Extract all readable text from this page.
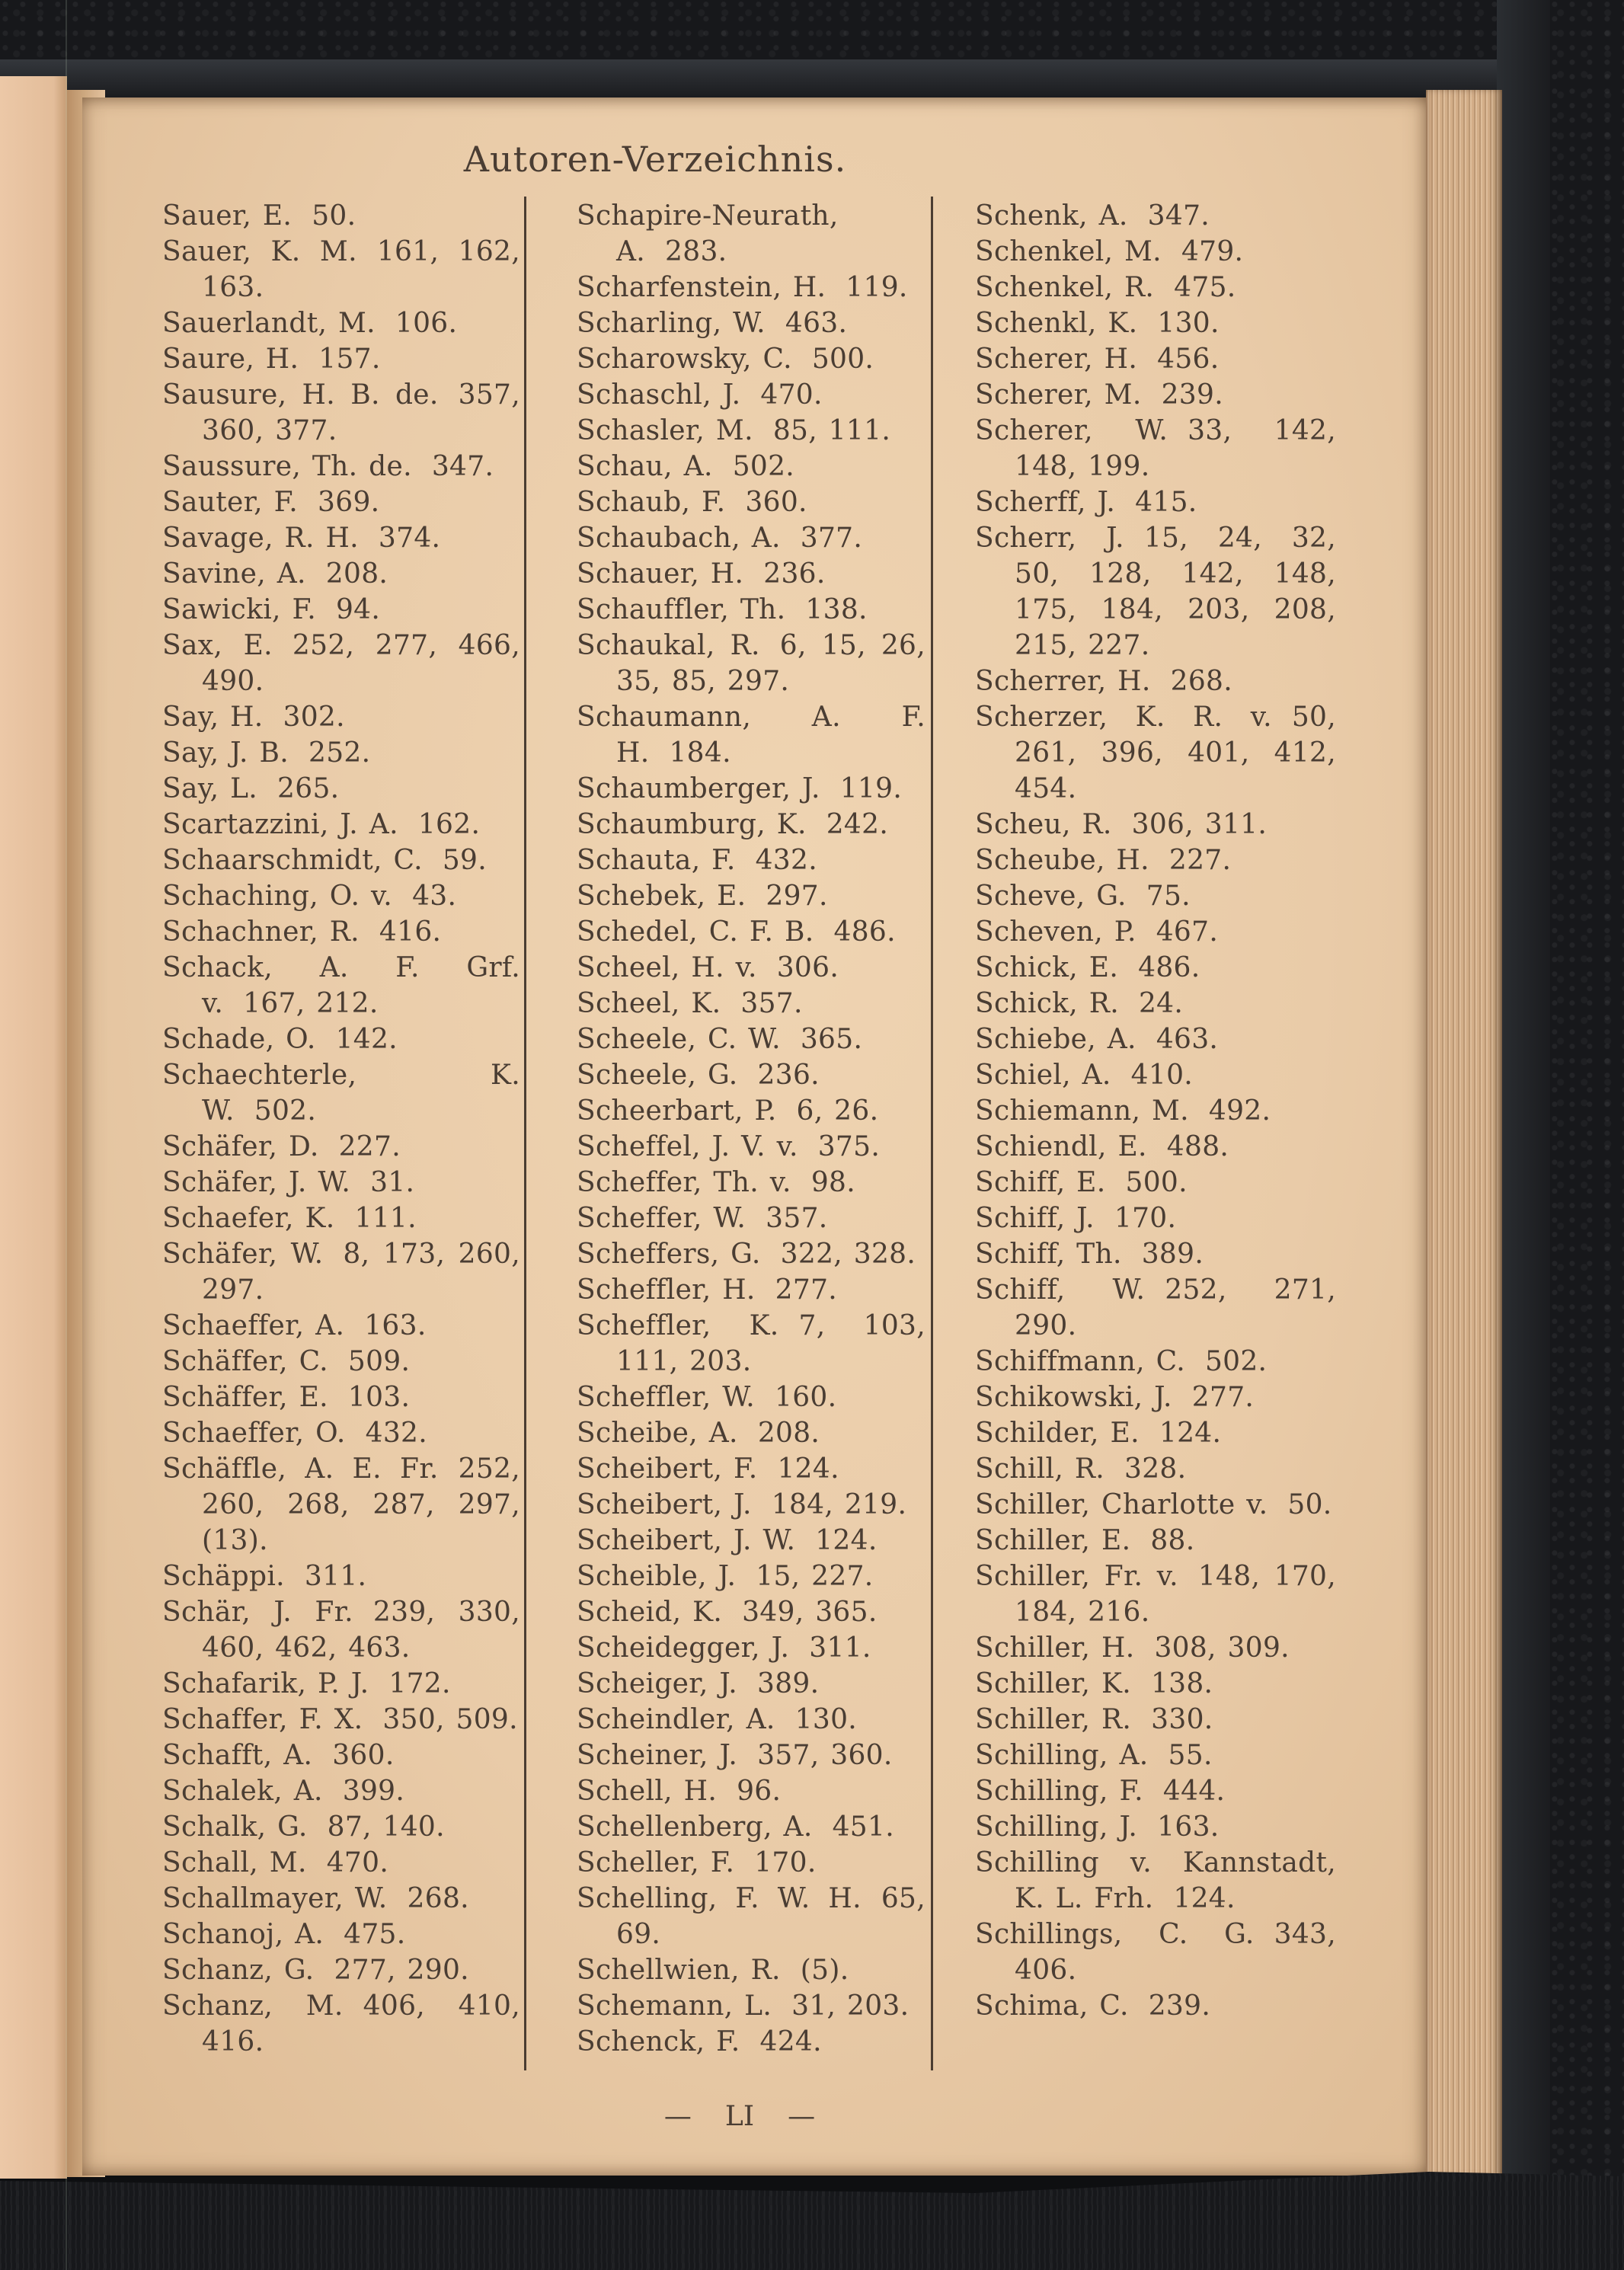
Autoren-Verzeichnis.
Sauer, E. 50.
Sauer, K. M. 161, 162, 163.
Sauerlandt, M. 106.
Saure, H. 157.
Sausure, H. B. de. 357, 360, 377.
Saussure, Th. de. 347.
Sauter, F. 369.
Savage, R. H. 374.
Savine, A. 208.
Sawicki, F. 94.
Sax, E. 252, 277, 466, 490.
Say, H. 302.
Say, J. B. 252.
Say, L. 265.
Scartazzini, J. A. 162.
Schaarschmidt, C. 59.
Schaching, O. v. 43.
Schachner, R. 416.
Schack, A. F. Grf. v. 167, 212.
Schade, O. 142.
Schaechterle, K. W. 502.
Schäfer, D. 227.
Schäfer, J. W. 31.
Schaefer, K. 111.
Schäfer, W. 8, 173, 260, 297.
Schaeffer, A. 163.
Schäffer, C. 509.
Schäffer, E. 103.
Schaeffer, O. 432.
Schäffle, A. E. Fr. 252, 260, 268, 287, 297, (13).
Schäppi. 311.
Schär, J. Fr. 239, 330, 460, 462, 463.
Schafarik, P. J. 172.
Schaffer, F. X. 350, 509.
Schafft, A. 360.
Schalek, A. 399.
Schalk, G. 87, 140.
Schall, M. 470.
Schallmayer, W. 268.
Schanoj, A. 475.
Schanz, G. 277, 290.
Schanz, M. 406, 410, 416.
Schapire-Neurath, A. 283.
Scharfenstein, H. 119.
Scharling, W. 463.
Scharowsky, C. 500.
Schaschl, J. 470.
Schasler, M. 85, 111.
Schau, A. 502.
Schaub, F. 360.
Schaubach, A. 377.
Schauer, H. 236.
Schauffler, Th. 138.
Schaukal, R. 6, 15, 26, 35, 85, 297.
Schaumann, A. F. H. 184.
Schaumberger, J. 119.
Schaumburg, K. 242.
Schauta, F. 432.
Schebek, E. 297.
Schedel, C. F. B. 486.
Scheel, H. v. 306.
Scheel, K. 357.
Scheele, C. W. 365.
Scheele, G. 236.
Scheerbart, P. 6, 26.
Scheffel, J. V. v. 375.
Scheffer, Th. v. 98.
Scheffer, W. 357.
Scheffers, G. 322, 328.
Scheffler, H. 277.
Scheffler, K. 7, 103, 111, 203.
Scheffler, W. 160.
Scheibe, A. 208.
Scheibert, F. 124.
Scheibert, J. 184, 219.
Scheibert, J. W. 124.
Scheible, J. 15, 227.
Scheid, K. 349, 365.
Scheidegger, J. 311.
Scheiger, J. 389.
Scheindler, A. 130.
Scheiner, J. 357, 360.
Schell, H. 96.
Schellenberg, A. 451.
Scheller, F. 170.
Schelling, F. W. H. 65, 69.
Schellwien, R. (5).
Schemann, L. 31, 203.
Schenck, F. 424.
Schenk, A. 347.
Schenkel, M. 479.
Schenkel, R. 475.
Schenkl, K. 130.
Scherer, H. 456.
Scherer, M. 239.
Scherer, W. 33, 142, 148, 199.
Scherff, J. 415.
Scherr, J. 15, 24, 32, 50, 128, 142, 148, 175, 184, 203, 208, 215, 227.
Scherrer, H. 268.
Scherzer, K. R. v. 50, 261, 396, 401, 412, 454.
Scheu, R. 306, 311.
Scheube, H. 227.
Scheve, G. 75.
Scheven, P. 467.
Schick, E. 486.
Schick, R. 24.
Schiebe, A. 463.
Schiel, A. 410.
Schiemann, M. 492.
Schiendl, E. 488.
Schiff, E. 500.
Schiff, J. 170.
Schiff, Th. 389.
Schiff, W. 252, 271, 290.
Schiffmann, C. 502.
Schikowski, J. 277.
Schilder, E. 124.
Schill, R. 328.
Schiller, Charlotte v. 50.
Schiller, E. 88.
Schiller, Fr. v. 148, 170, 184, 216.
Schiller, H. 308, 309.
Schiller, K. 138.
Schiller, R. 330.
Schilling, A. 55.
Schilling, F. 444.
Schilling, J. 163.
Schilling v. Kannstadt, K. L. Frh. 124.
Schillings, C. G. 343, 406.
Schima, C. 239.
— LI —
